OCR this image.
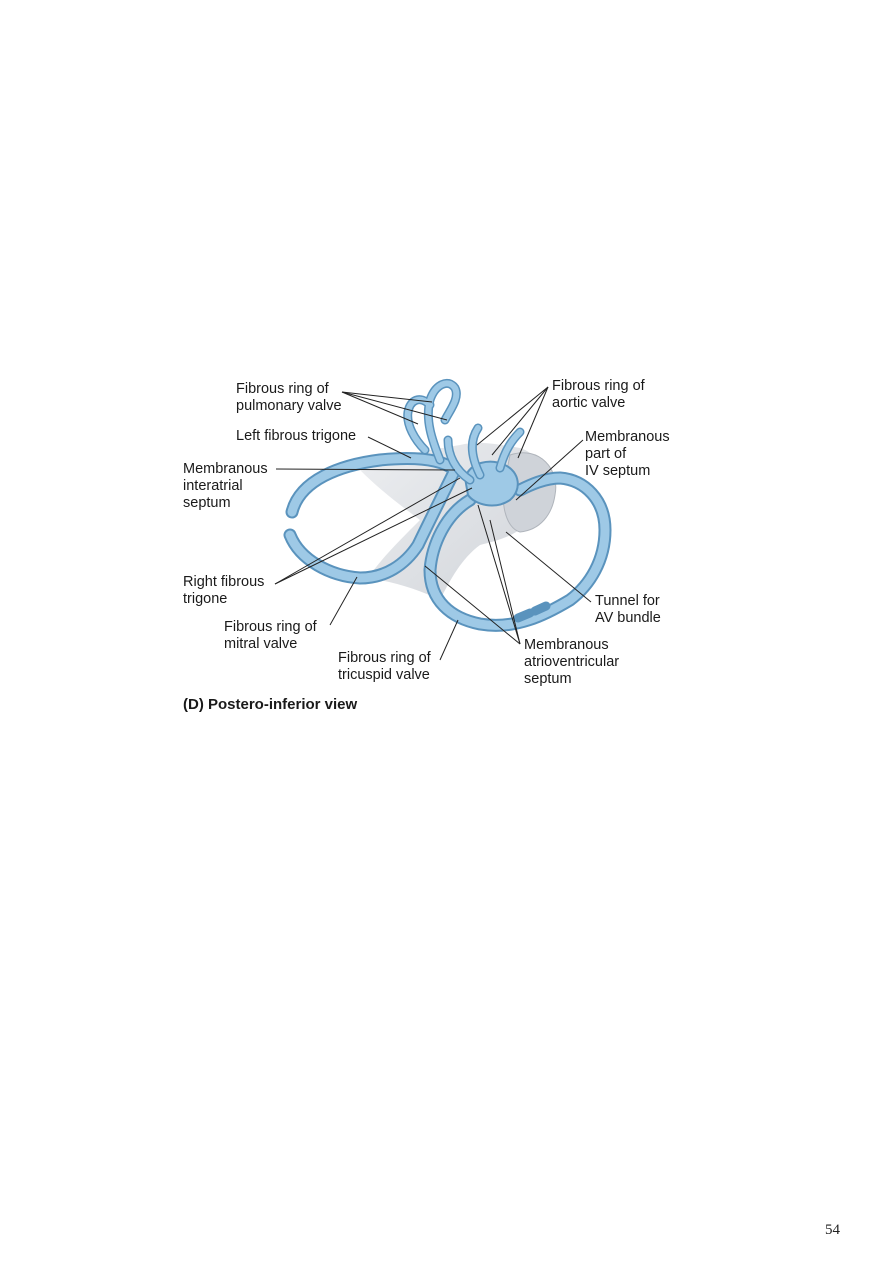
Fibrous ring of
pulmonary valve
Left fibrous trigone
Membranous
interatrial
septum
Right fibrous
trigone
Fibrous ring of
mitral valve
Fibrous ring of
tricuspid valve
Fibrous ring of
aortic valve
Membranous
part of
IV septum
Tunnel for
AV bundle
Membranous
atrioventricular
septum
(D) Postero-inferior view
54
